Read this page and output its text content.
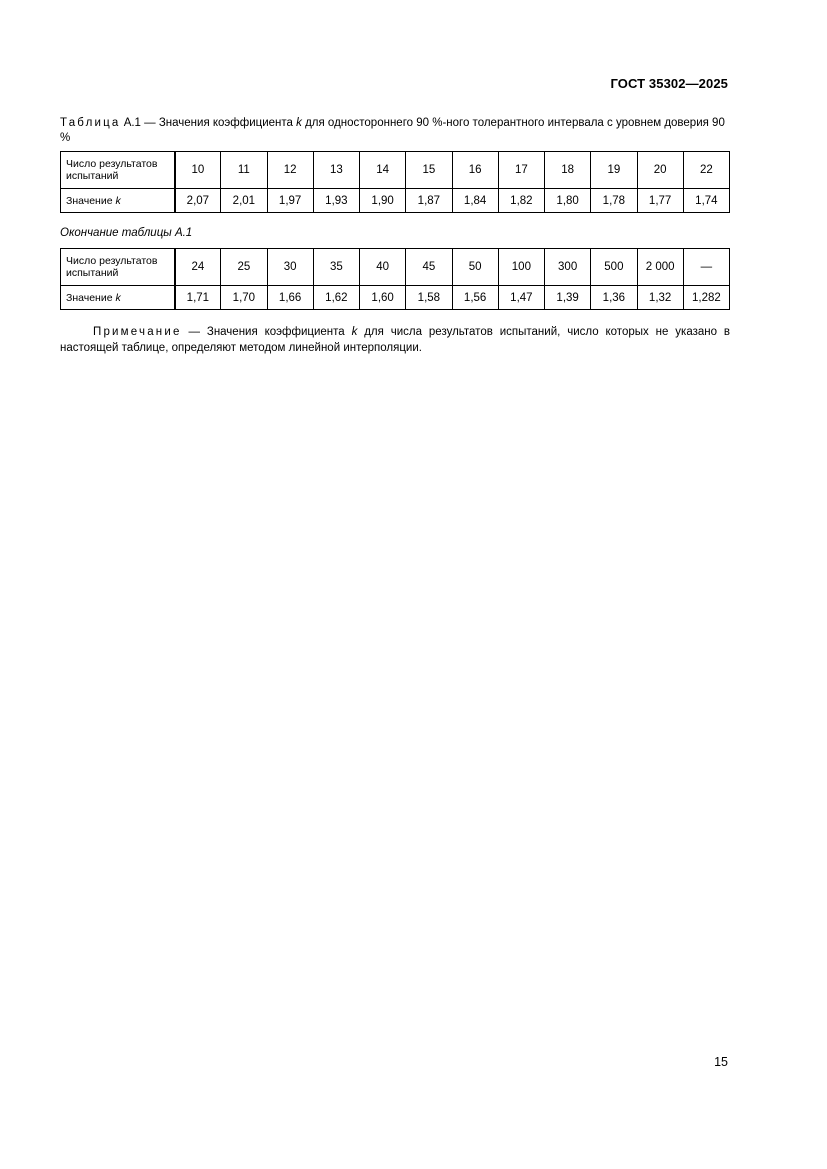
ГОСТ 35302—2025
Таблица А.1 — Значения коэффициента k для одностороннего 90 %-ного толерантного интервала с уровнем доверия 90 %
Число результатов испытаний	10	11	12	13	14	15	16	17	18	19	20	22
Значение k	2,07	2,01	1,97	1,93	1,90	1,87	1,84	1,82	1,80	1,78	1,77	1,74
Окончание таблицы А.1
Число результатов испытаний	24	25	30	35	40	45	50	100	300	500	2 000	—
Значение k	1,71	1,70	1,66	1,62	1,60	1,58	1,56	1,47	1,39	1,36	1,32	1,282
Примечание — Значения коэффициента k для числа результатов испытаний, число которых не указано в настоящей таблице, определяют методом линейной интерполяции.
15
